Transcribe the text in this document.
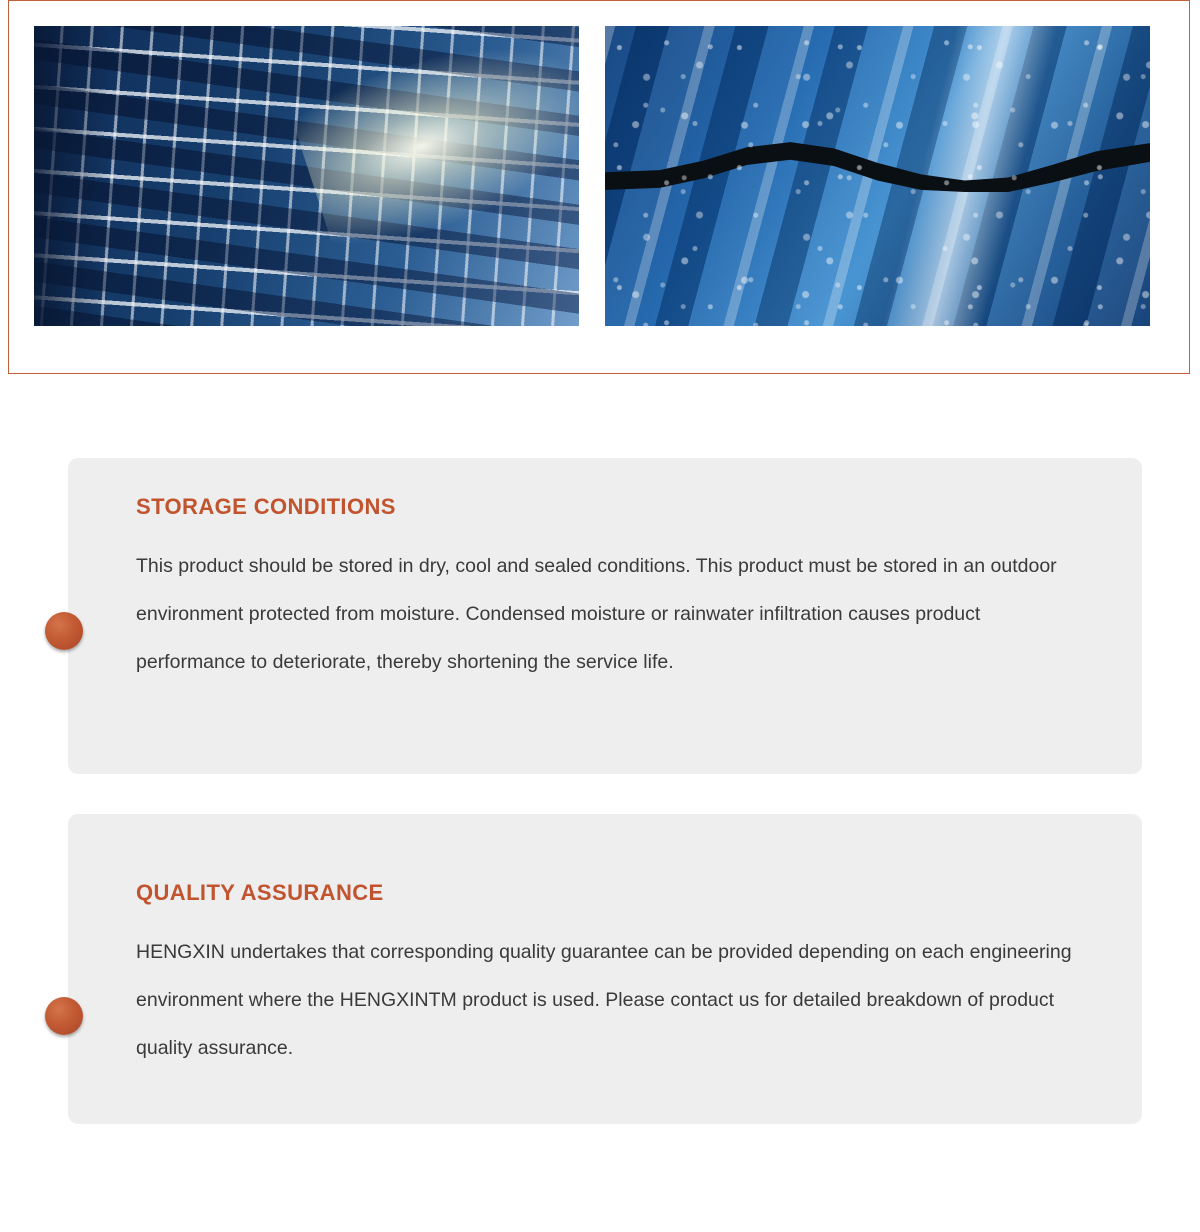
STORAGE CONDITIONS

This product should be stored in dry, cool and sealed conditions. This product must be stored in an outdoor environment protected from moisture. Condensed moisture or rainwater infiltration causes product performance to deteriorate, thereby shortening the service life.

QUALITY ASSURANCE

HENGXIN undertakes that corresponding quality guarantee can be provided depending on each engineering environment where the HENGXINTM product is used. Please contact us for detailed breakdown of product quality assurance.
